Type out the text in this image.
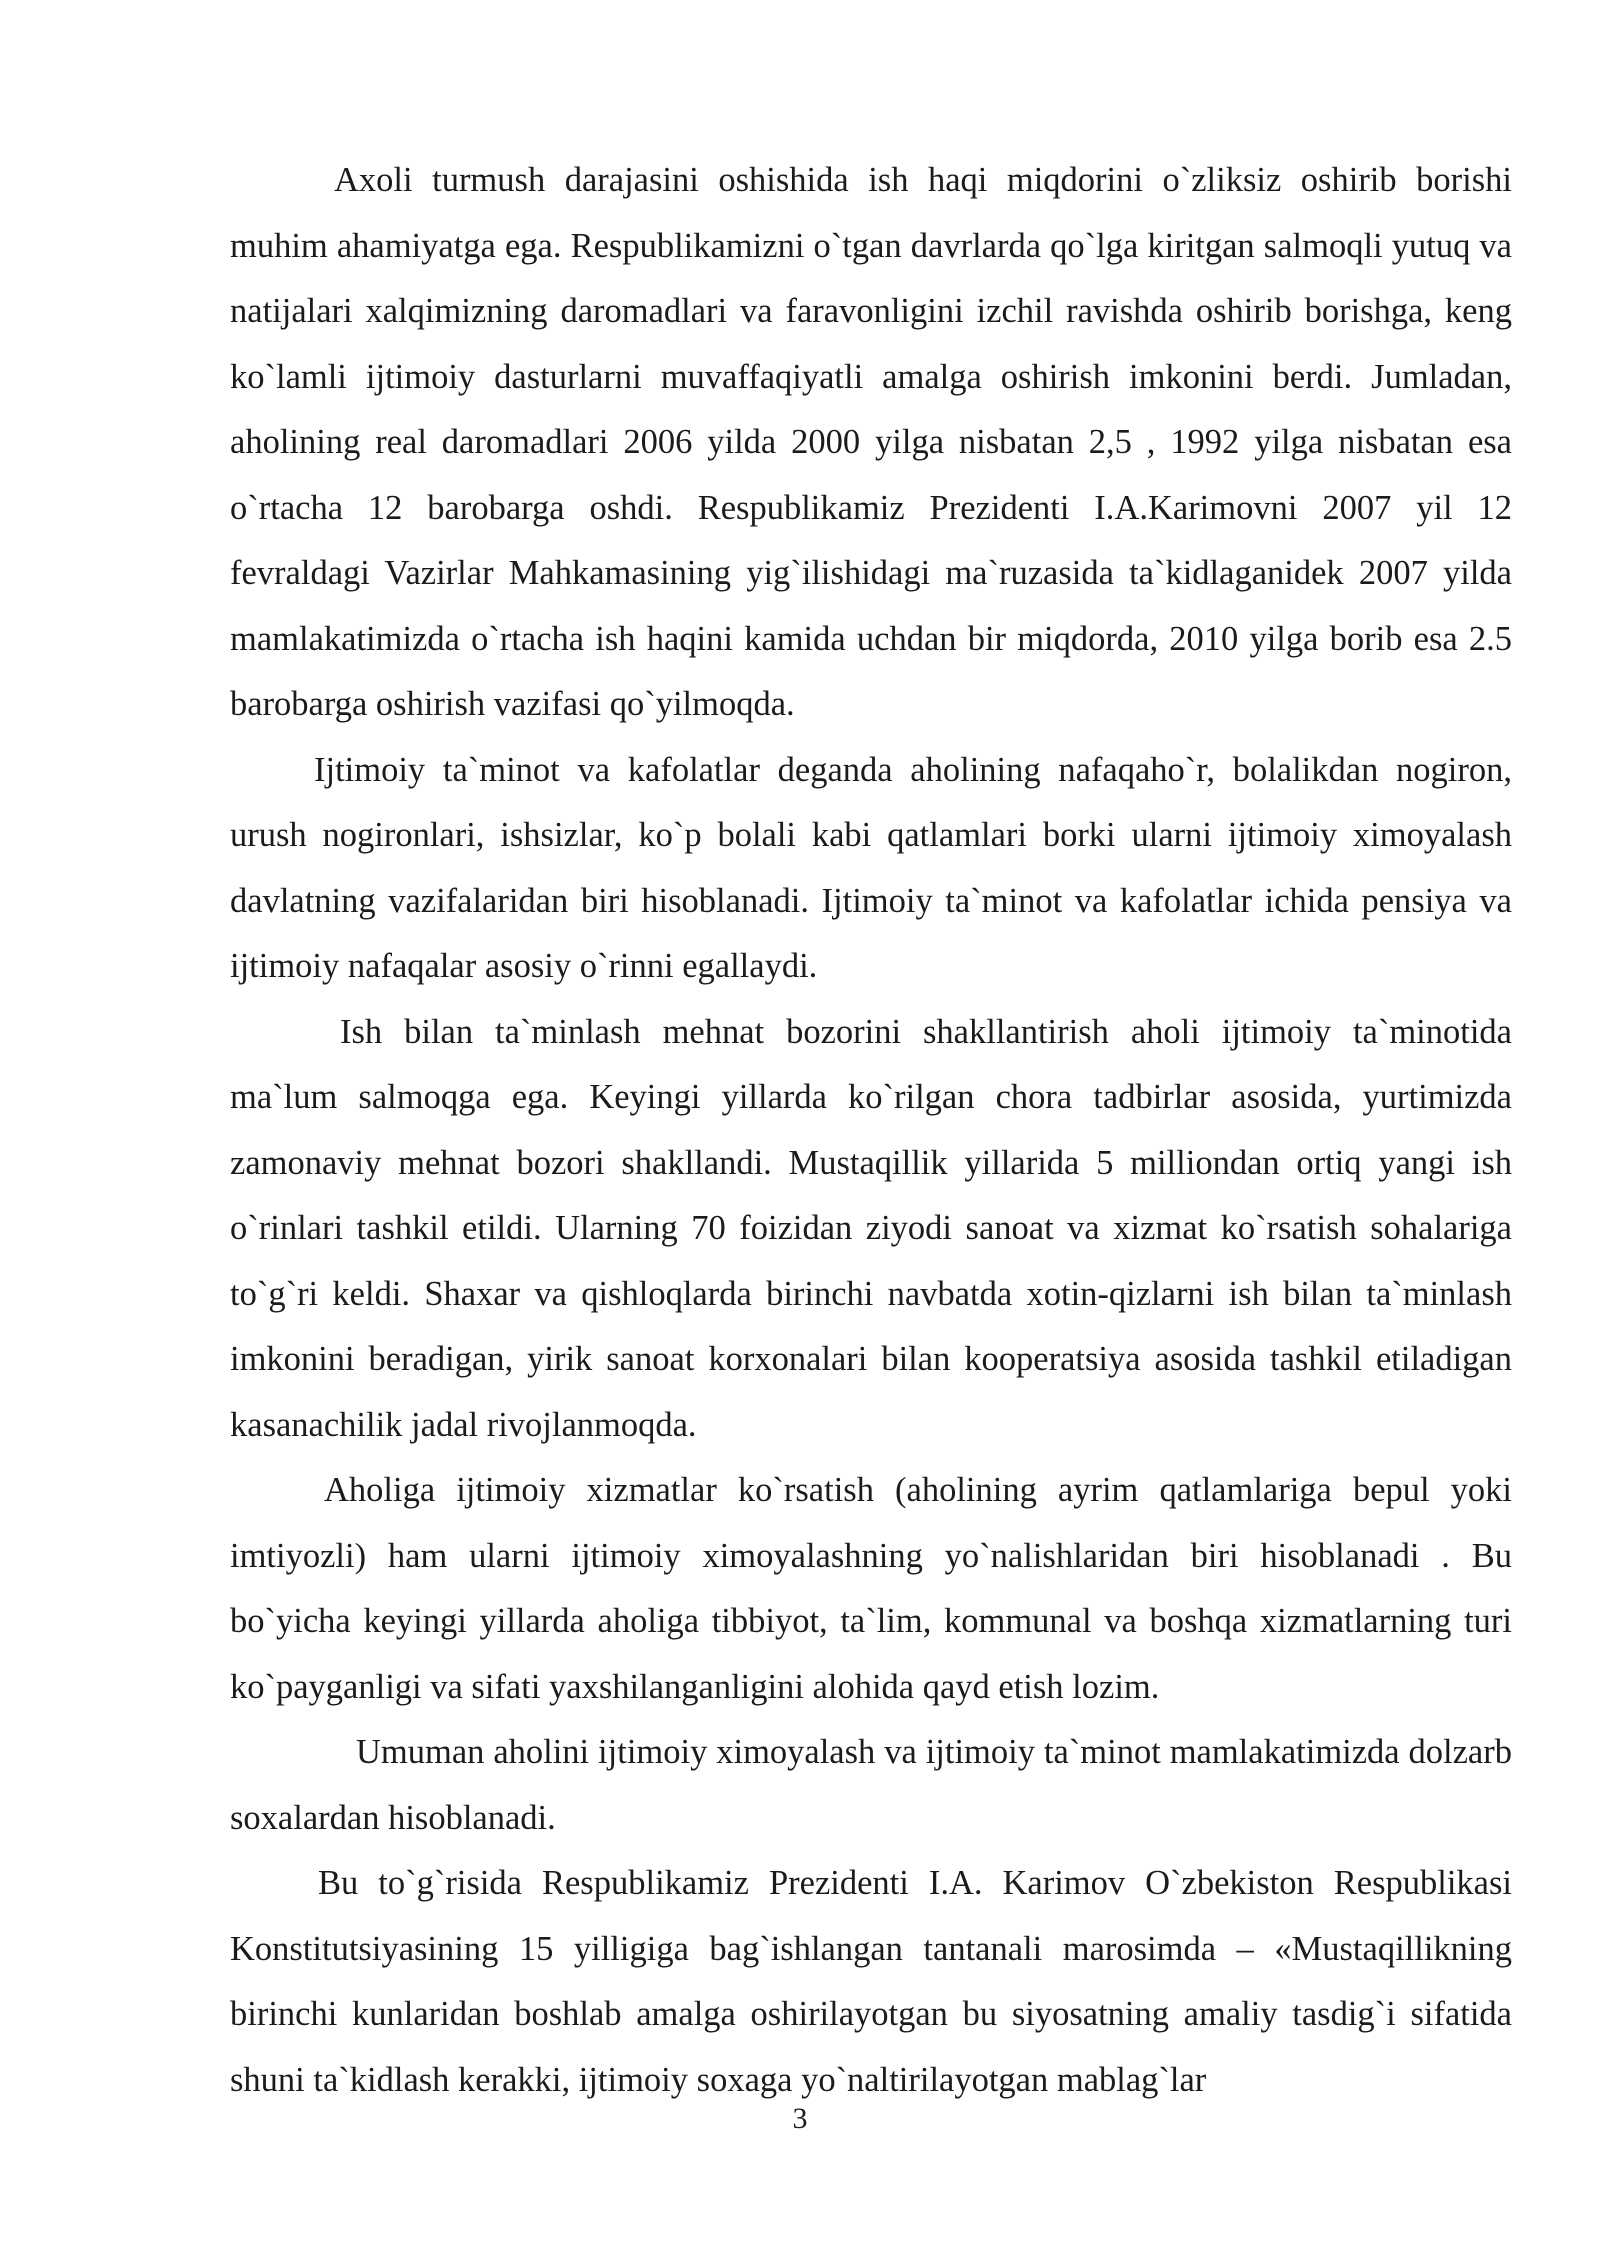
Axoli turmush darajasini oshishida ish haqi miqdorini o`zliksiz oshirib borishi muhim ahamiyatga ega. Respublikamizni o`tgan davrlarda qo`lga kiritgan salmoqli yutuq va natijalari xalqimizning daromadlari va faravonligini izchil ravishda oshirib borishga, keng ko`lamli ijtimoiy dasturlarni muvaffaqiyatli amalga oshirish imkonini berdi. Jumladan, aholining real daromadlari 2006 yilda 2000 yilga nisbatan 2,5 , 1992 yilga nisbatan esa o`rtacha 12 barobarga oshdi. Respublikamiz Prezidenti I.A.Karimovni 2007 yil 12 fevraldagi Vazirlar Mahkamasining yig`ilishidagi ma`ruzasida ta`kidlaganidek 2007 yilda mamlakatimizda o`rtacha ish haqini kamida uchdan bir miqdorda, 2010 yilga borib esa 2.5 barobarga oshirish vazifasi qo`yilmoqda.

Ijtimoiy ta`minot va kafolatlar deganda aholining nafaqaho`r, bolalikdan nogiron, urush nogironlari, ishsizlar, ko`p bolali kabi qatlamlari borki ularni ijtimoiy ximoyalash davlatning vazifalaridan biri hisoblanadi. Ijtimoiy ta`minot va kafolatlar ichida pensiya va ijtimoiy nafaqalar asosiy o`rinni egallaydi.

Ish bilan ta`minlash mehnat bozorini shakllantirish aholi ijtimoiy ta`minotida ma`lum salmoqga ega. Keyingi yillarda ko`rilgan chora tadbirlar asosida, yurtimizda zamonaviy mehnat bozori shakllandi. Mustaqillik yillarida 5 milliondan ortiq yangi ish o`rinlari tashkil etildi. Ularning 70 foizidan ziyodi sanoat va xizmat ko`rsatish sohalariga to`g`ri keldi. Shaxar va qishloqlarda birinchi navbatda xotin-qizlarni ish bilan ta`minlash imkonini beradigan, yirik sanoat korxonalari bilan kooperatsiya asosida tashkil etiladigan kasanachilik jadal rivojlanmoqda.

Aholiga ijtimoiy xizmatlar ko`rsatish (aholining ayrim qatlamlariga bepul yoki imtiyozli) ham ularni ijtimoiy ximoyalashning yo`nalishlaridan biri hisoblanadi . Bu bo`yicha keyingi yillarda aholiga tibbiyot, ta`lim, kommunal va boshqa xizmatlarning turi ko`payganligi va sifati yaxshilanganligini alohida qayd etish lozim.

Umuman aholini ijtimoiy ximoyalash va ijtimoiy ta`minot mamlakatimizda dolzarb soxalardan hisoblanadi.

Bu to`g`risida Respublikamiz Prezidenti I.A. Karimov O`zbekiston Respublikasi Konstitutsiyasining 15 yilligiga bag`ishlangan tantanali marosimda – «Mustaqillikning birinchi kunlaridan boshlab amalga oshirilayotgan bu siyosatning amaliy tasdig`i sifatida shuni ta`kidlash kerakki, ijtimoiy soxaga yo`naltirilayotgan mablag`lar

3
